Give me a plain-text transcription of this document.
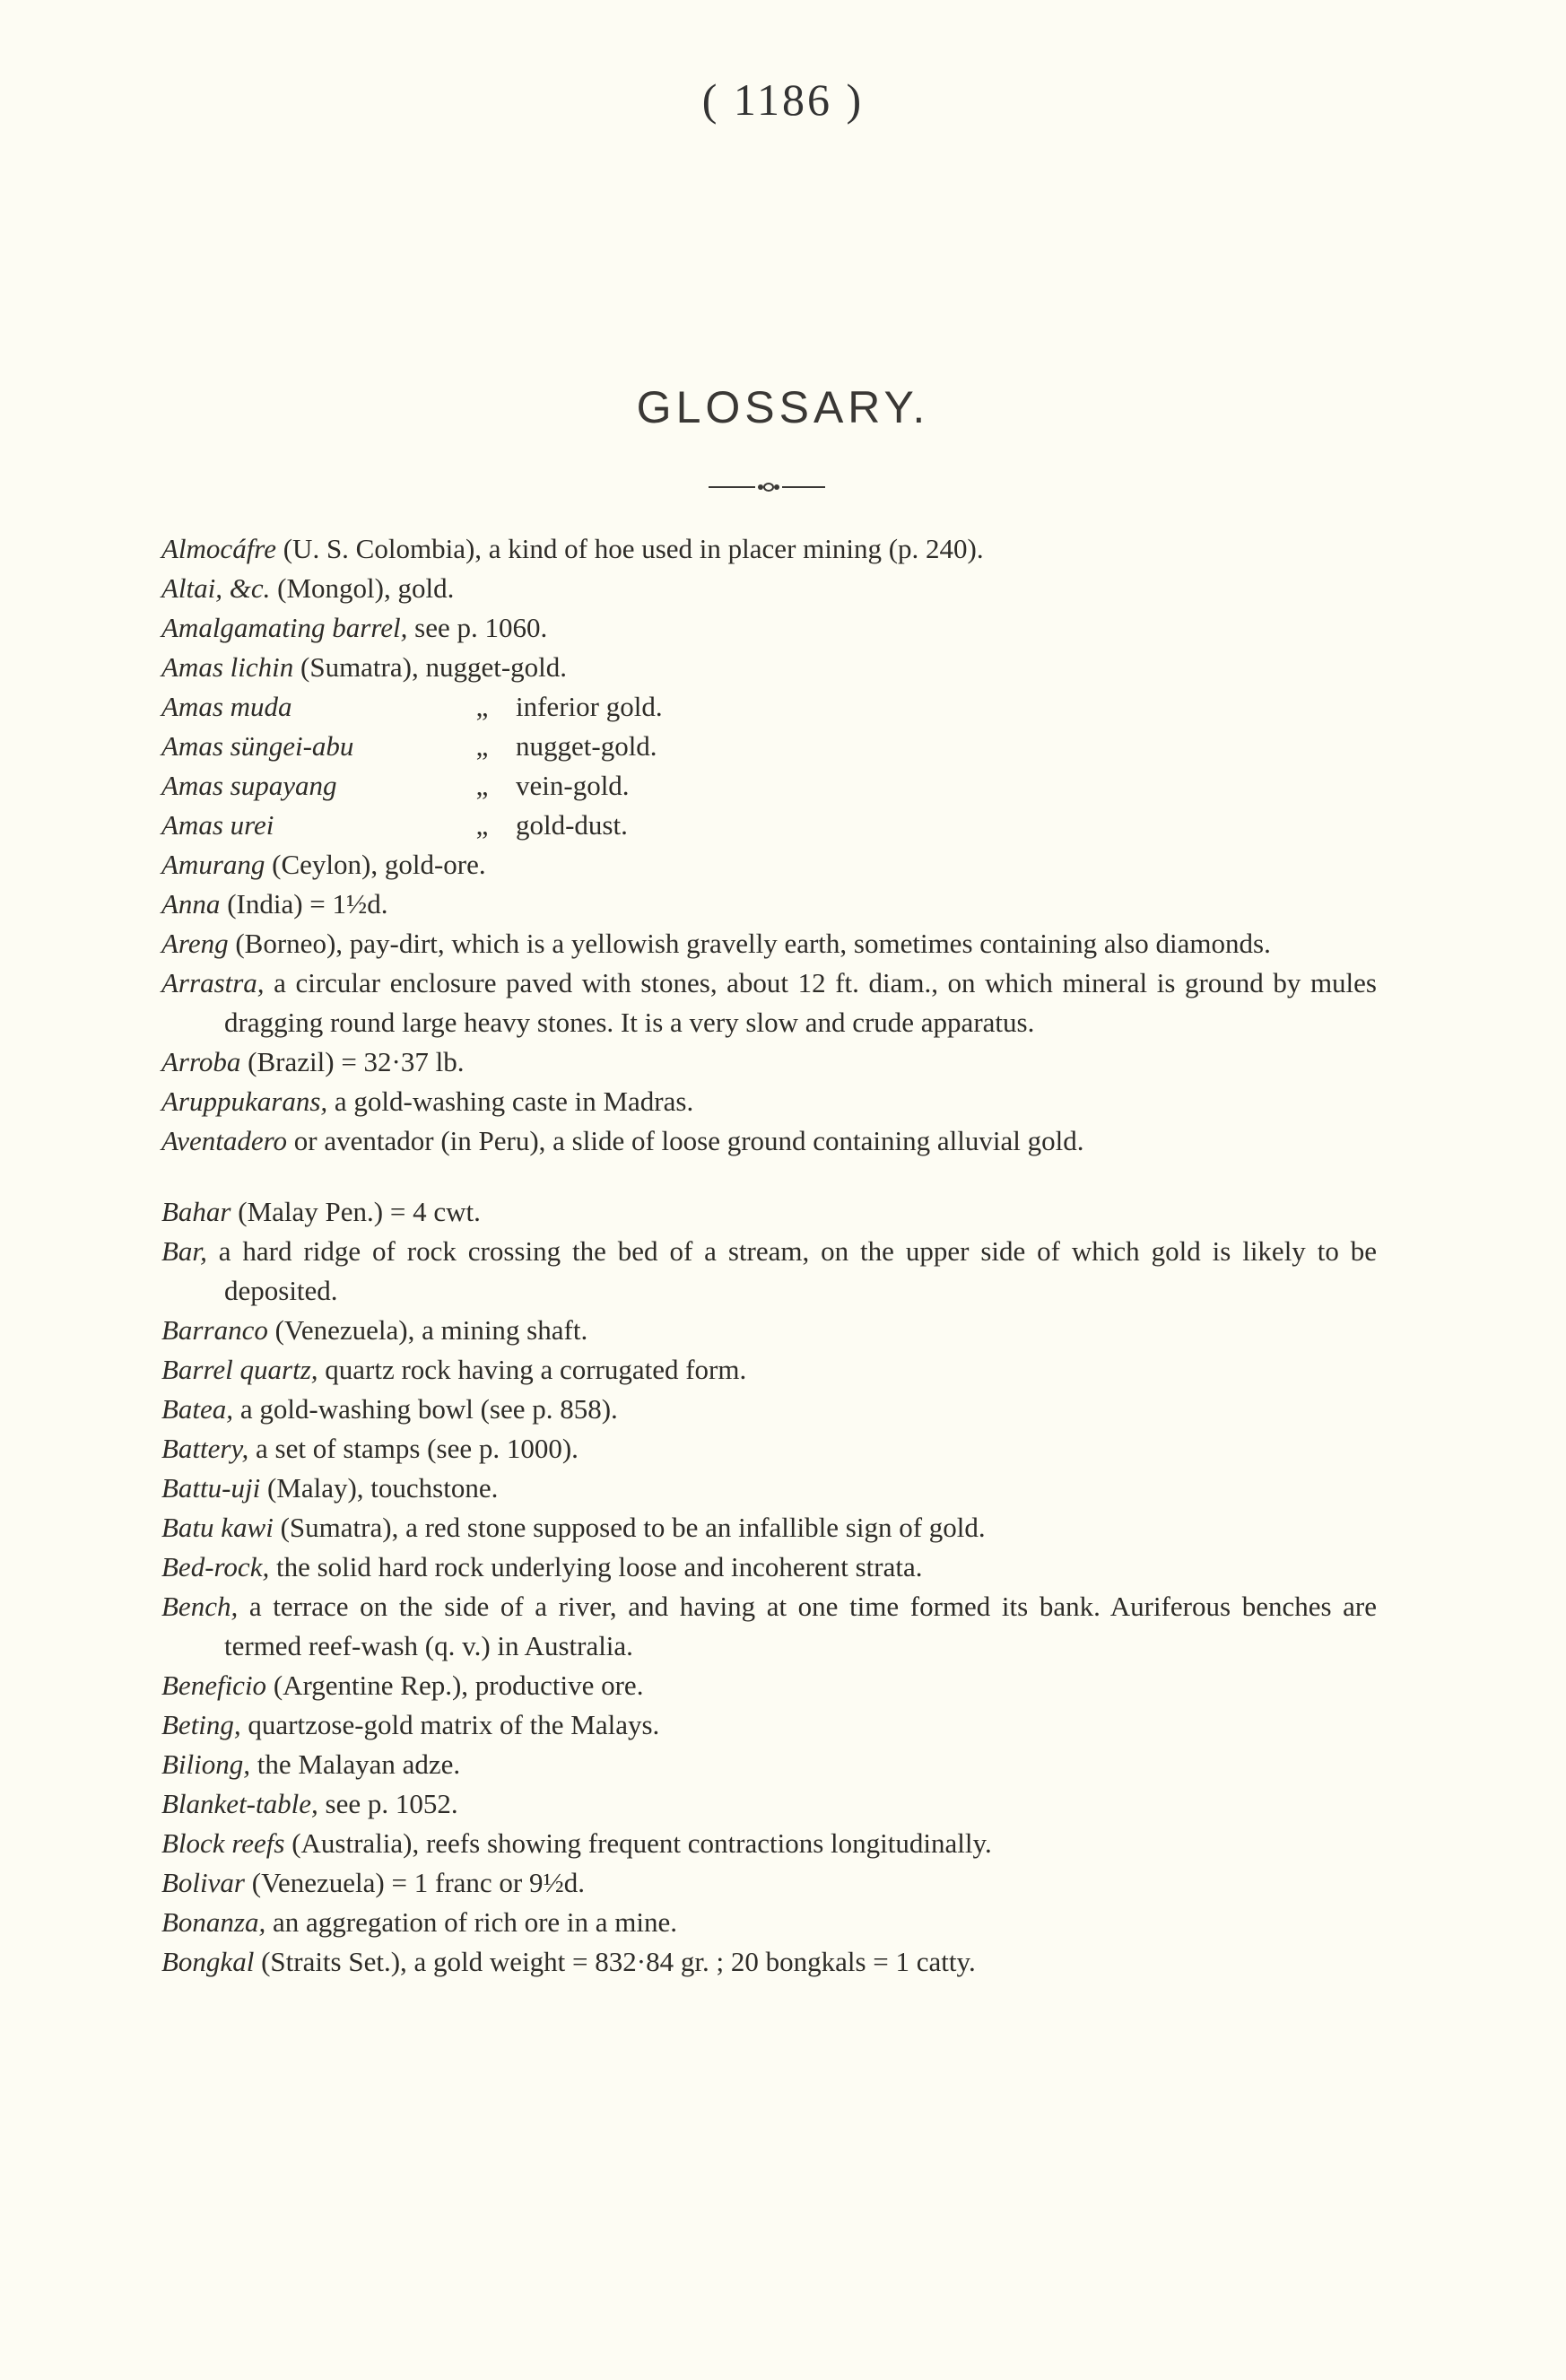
( 1186 )
GLOSSARY.

Almocáfre (U. S. Colombia), a kind of hoe used in placer mining (p. 240).

Altai, &c. (Mongol), gold.

Amalgamating barrel, see p. 1060.

Amas lichin (Sumatra), nugget-gold.

Amas muda	„ inferior gold.
Amas süngei-abu	„ nugget-gold.
Amas supayang	„ vein-gold.
Amas urei	„ gold-dust.

Amurang (Ceylon), gold-ore.

Anna (India) = 1½d.

Areng (Borneo), pay-dirt, which is a yellowish gravelly earth, sometimes containing also diamonds.

Arrastra, a circular enclosure paved with stones, about 12 ft. diam., on which mineral is ground by mules dragging round large heavy stones. It is a very slow and crude apparatus.

Arroba (Brazil) = 32·37 lb.

Aruppukarans, a gold-washing caste in Madras.

Aventadero or aventador (in Peru), a slide of loose ground containing alluvial gold.

Bahar (Malay Pen.) = 4 cwt.

Bar, a hard ridge of rock crossing the bed of a stream, on the upper side of which gold is likely to be deposited.

Barranco (Venezuela), a mining shaft.

Barrel quartz, quartz rock having a corrugated form.

Batea, a gold-washing bowl (see p. 858).

Battery, a set of stamps (see p. 1000).

Battu-uji (Malay), touchstone.

Batu kawi (Sumatra), a red stone supposed to be an infallible sign of gold.

Bed-rock, the solid hard rock underlying loose and incoherent strata.

Bench, a terrace on the side of a river, and having at one time formed its bank. Auriferous benches are termed reef-wash (q. v.) in Australia.

Beneficio (Argentine Rep.), productive ore.

Beting, quartzose-gold matrix of the Malays.

Biliong, the Malayan adze.

Blanket-table, see p. 1052.

Block reefs (Australia), reefs showing frequent contractions longitudinally.

Bolivar (Venezuela) = 1 franc or 9½d.

Bonanza, an aggregation of rich ore in a mine.

Bongkal (Straits Set.), a gold weight = 832·84 gr. ; 20 bongkals = 1 catty.
